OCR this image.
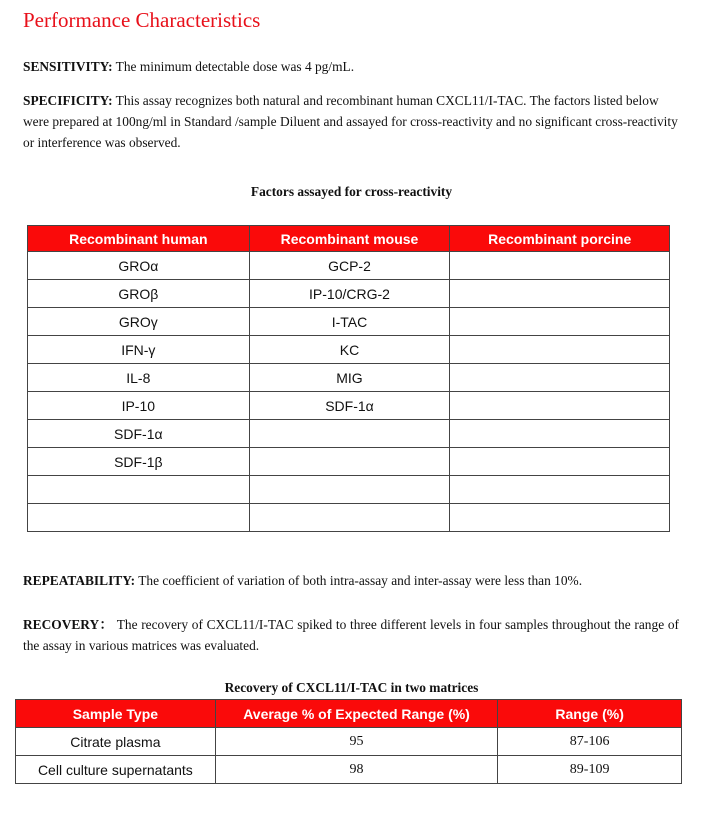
Performance Characteristics

SENSITIVITY: The minimum detectable dose was 4 pg/mL.

SPECIFICITY: This assay recognizes both natural and recombinant human CXCL11/I-TAC. The factors listed below were prepared at 100ng/ml in Standard /sample Diluent and assayed for cross-reactivity and no significant cross-reactivity or interference was observed.

Factors assayed for cross-reactivity
Recombinant human	Recombinant mouse	Recombinant porcine
GROα	GCP-2	
GROβ	IP-10/CRG-2	
GROγ	I-TAC	
IFN-γ	KC	
IL-8	MIG	
IP-10	SDF-1α	
SDF-1α		
SDF-1β		

REPEATABILITY: The coefficient of variation of both intra-assay and inter-assay were less than 10%.

RECOVERY： The recovery of CXCL11/I-TAC spiked to three different levels in four samples throughout the range of the assay in various matrices was evaluated.

Recovery of CXCL11/I-TAC in two matrices
Sample Type	Average % of Expected Range (%)	Range (%)
Citrate plasma	95	87-106
Cell culture supernatants	98	89-109
